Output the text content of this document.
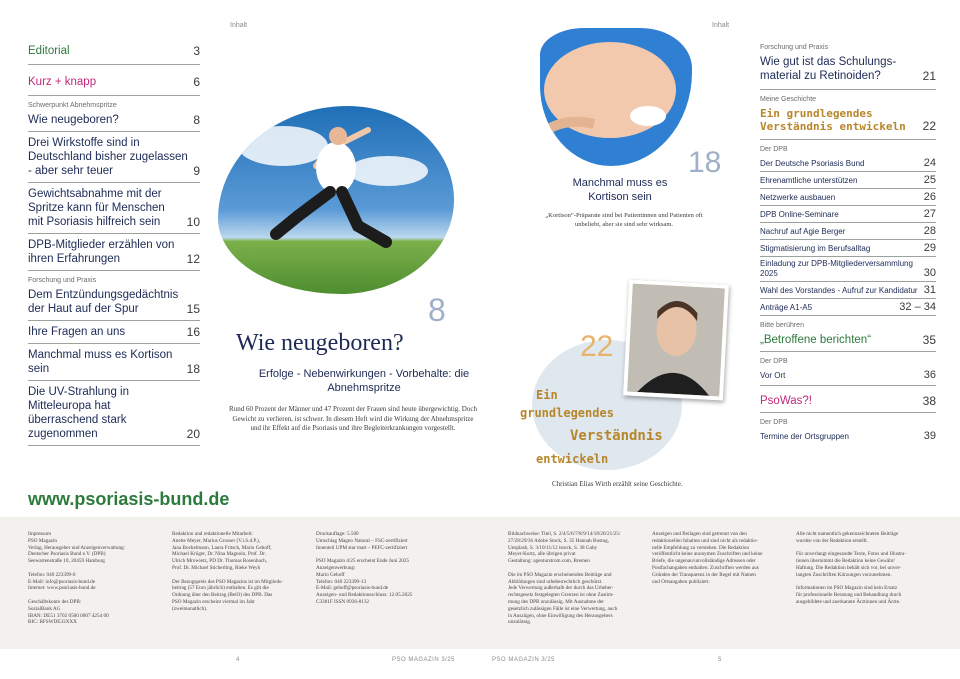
Inhalt	Inhalt
Editorial	3
Kurz + knapp	6
Schwerpunkt Abnehmspritze
Wie neugeboren?	8
Drei Wirkstoffe sind in Deutschland bisher zugelassen - aber sehr teuer	9
Gewichtsabnahme mit der Spritze kann für Menschen mit Psoriasis hilfreich sein	10
DPB-Mitglieder erzählen von ihren Erfahrungen	12
Forschung und Praxis
Dem Entzündungsgedächtnis der Haut auf der Spur	15
Ihre Fragen an uns	16
Manchmal muss es Kortison sein	18
Die UV-Strahlung in Mitteleuropa hat überraschend stark zugenommen	20
www.psoriasis-bund.de
8
Wie neugeboren?
Erfolge - Nebenwirkungen - Vorbehalte: die Abnehmspritze
Rund 60 Prozent der Männer und 47 Prozent der Frauen sind heute übergewichtig. Doch Gewicht zu verlieren, ist schwer. In diesem Heft wird die Wirkung der Abnehmspritze und ihr Effekt auf die Psoriasis und ihre Begleiterkrankungen vorgestellt.
18
Manchmal muss es Kortison sein
„Kortison“-Präparate sind bei Patientinnen und Patienten oft unbeliebt, aber sie sind sehr wirksam.
22
Ein
grundlegendes
Verständnis
entwickeln
Christian Elias Wirth erzählt seine Geschichte.
Forschung und Praxis
Wie gut ist das Schulungs-material zu Retinoiden?	21
Meine Geschichte
Ein grundlegendes Verständnis entwickeln	22
Der DPB
Der Deutsche Psoriasis Bund	24
Ehrenamtliche unterstützen	25
Netzwerke ausbauen	26
DPB Online-Seminare	27
Nachruf auf Agie Berger	28
Stigmatisierung im Berufsalltag	29
Einladung zur DPB-Mitgliederversammlung 2025	30
Wahl des Vorstandes - Aufruf zur Kandidatur 31
Anträge A1-A5	32 – 34
Bitte berühren
„Betroffene berichten“	35
Der DPB
Vor Ort	36
PsoWas?!	38
Der DPB
Termine der Ortsgruppen	39

Impressum
PSO Magazin
Verlag, Herausgeber und Anzeigenverwaltung:
Deutscher Psoriasis Bund e.V. (DPB)
Seewartenstraße 10, 20459 Hamburg

Telefon: 040 223399-0
E-Mail: info@psoriasis-bund.de
Internet: www.psoriasis-bund.de

Geschäftskonto des DPB:
SozialBank AG
IBAN: DE51 3702 0500 0007 4254 00
BIC: BFSWDE33XXX

Redaktion und redaktionelle Mitarbeit:
Anette Meyer, Marius Grosser (V.i.S.d.P.),
Jana Bockelmann, Laura Fritsch, Mario Gehoff,
Michael Krüger, Dr. Nina Magnolo, Prof. Dr.
Ulrich Mrowietz, PD Dr. Thomas Rosenbach,
Prof. Dr. Michael Sticherling, Rieke Weyh

Der Bezugspreis des PSO Magazins ist im Mitglieds-
beitrag (57 Euro jährlich) enthalten. Es gilt die
Ordnung über den Beitrag (BeiO) des DPB. Das
PSO Magazin erscheint viermal im Jahr
(zweimonatlich).

Druckauflage: 5.500
Umschlag Magno Natural – FSC-zertifiziert
Innenteil UPM star matt – PEFC-zertifiziert

PSO Magazin 4/25 erscheint Ende Juni 2025
Anzeigenwerbung:
Mario Gehoff
Telefon: 040 223399-13
E-Mail: gehoff@psoriasis-bund.de
Anzeigen- und Redaktionsschluss: 12.05.2025
C3381F ISSN 0936-8132

Bildnachweise: Titel, S. 2/4/5/6/7/8/9/14/18/20/21/25/
27/28/29/36 Adobe Stock, S. 35 Hannah Bustug,
Unsplash, S. 3/10/11/12 istock, S. 38 Gaby
Meyer-Kurtz, alle übrigen privat
Gestaltung: agenturstrom.com, Bremen

Die im PSO Magazin erscheinenden Beiträge und
Abbildungen sind urheberrechtlich geschützt.
Jede Verwertung außerhalb der durch das Urheber-
rechtsgesetz festgelegten Grenzen ist ohne Zustim-
mung des DPB unzulässig. Mit Ausnahme der
gesetzlich zulässigen Fälle ist eine Verwertung, auch
in Auszügen, ohne Einwilligung des Herausgebers
unzulässig.

Anzeigen und Beilagen sind getrennt von den
redaktionellen Inhalten und sind nicht als redaktio-
nelle Empfehlung zu verstehen. Die Redaktion
veröffentlicht keine anonymen Zuschriften und keine
Briefe, die ungenau/unvollständige Adressen oder
Postfachangaben enthalten. Zuschriften werden aus
Gründen der Transparenz in der Regel mit Namen
und Ortsangaben publiziert.

Alle nicht namentlich gekennzeichneten Beiträge
wurden von der Redaktion erstellt.

Für unverlangt eingesandte Texte, Fotos und Illustra-
tionen übernimmt die Redaktion keine Gewähr/
Haftung. Die Redaktion behält sich vor, bei unver-
langten Zuschriften Kürzungen vorzunehmen.

Informationen im PSO Magazin sind kein Ersatz
für professionelle Beratung und Behandlung durch
ausgebildete und anerkannte Ärztinnen und Ärzte.

4	PSO MAGAZIN 3/25	PSO MAGAZIN 3/25	5
